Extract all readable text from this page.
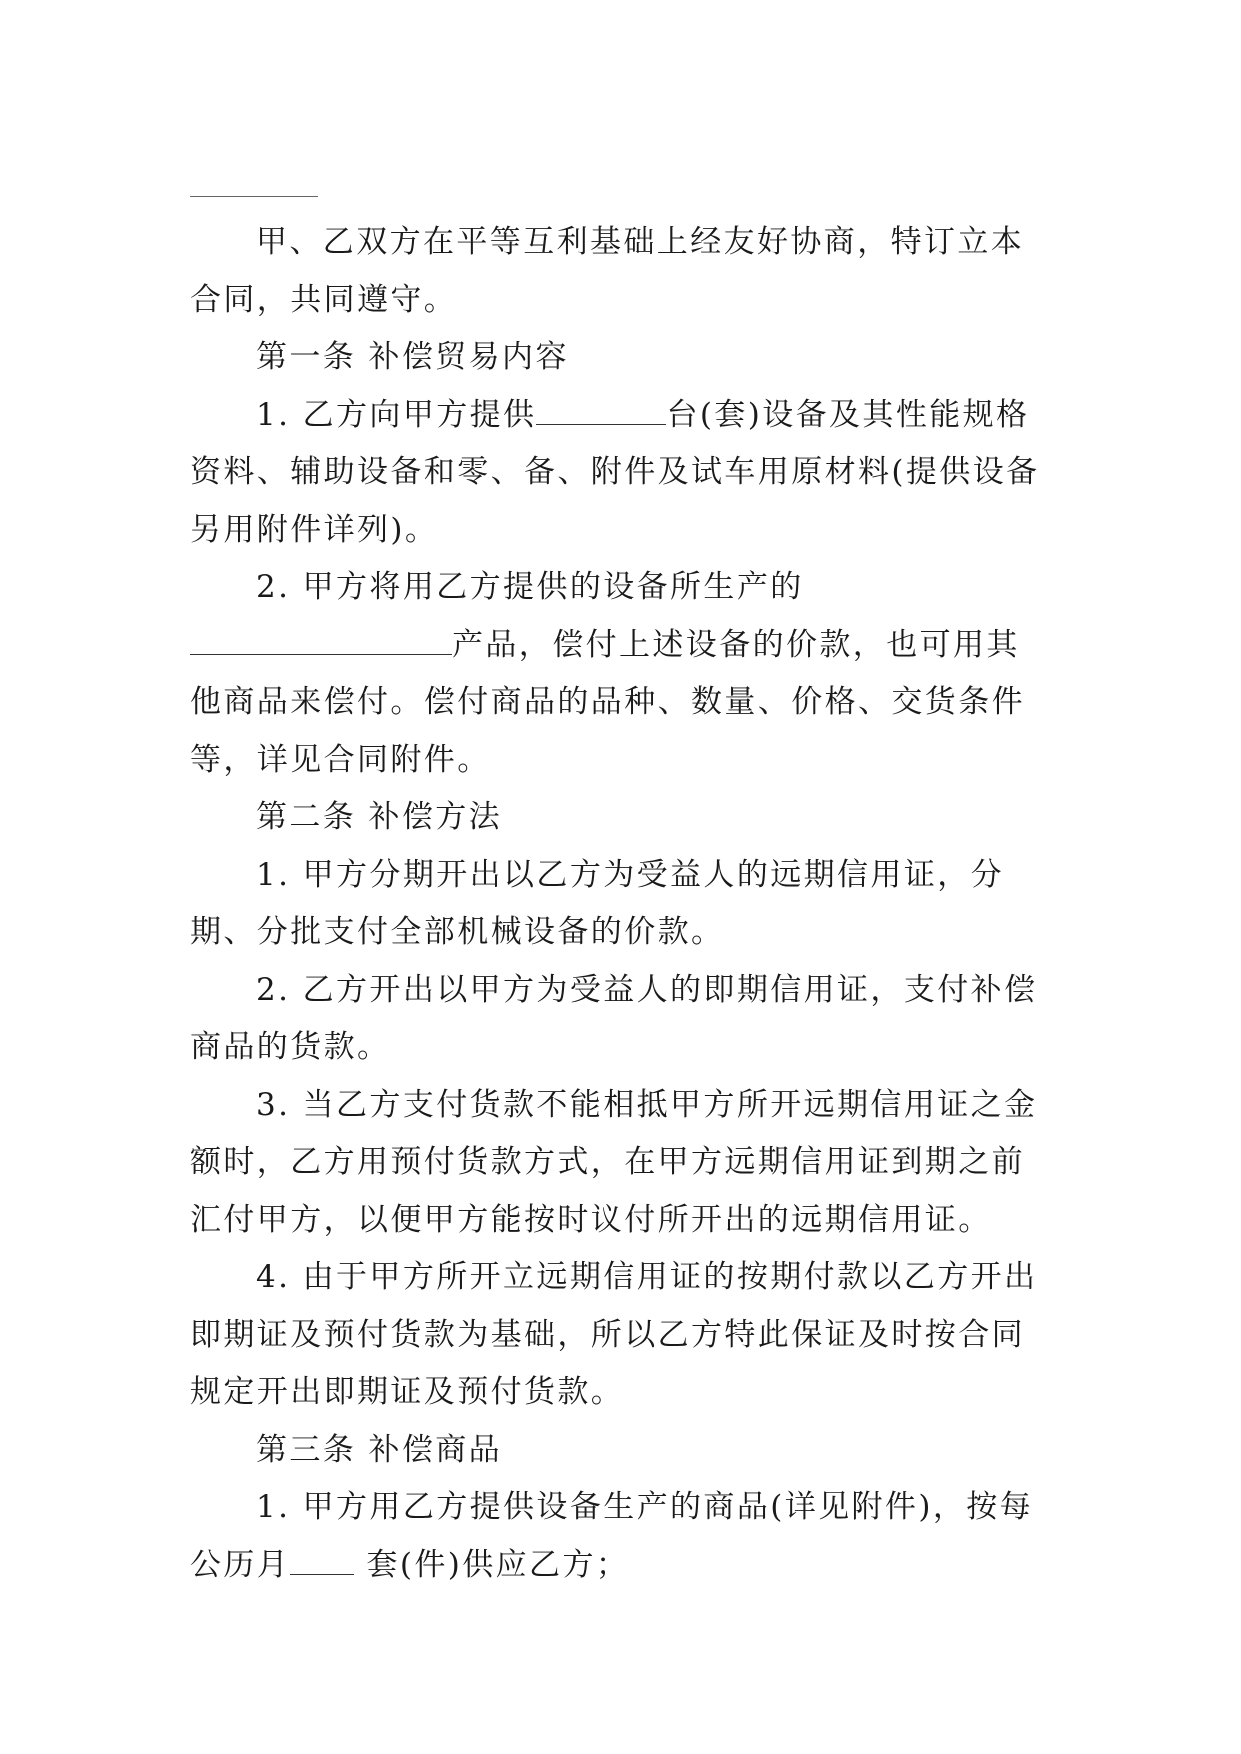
甲、乙双方在平等互利基础上经友好协商，特订立本合同，共同遵守。

第一条 补偿贸易内容

1. 乙方向甲方提供	台(套)设备及其性能规格资料、辅助设备和零、备、附件及试车用原材料(提供设备另用附件详列)。

2. 甲方将用乙方提供的设备所生产的产品，偿付上述设备的价款，也可用其他商品来偿付。偿付商品的品种、数量、价格、交货条件等，详见合同附件。

第二条 补偿方法

1. 甲方分期开出以乙方为受益人的远期信用证，分期、分批支付全部机械设备的价款。

2. 乙方开出以甲方为受益人的即期信用证，支付补偿商品的货款。

3. 当乙方支付货款不能相抵甲方所开远期信用证之金额时，乙方用预付货款方式，在甲方远期信用证到期之前汇付甲方，以便甲方能按时议付所开出的远期信用证。

4. 由于甲方所开立远期信用证的按期付款以乙方开出即期证及预付货款为基础，所以乙方特此保证及时按合同规定开出即期证及预付货款。

第三条 补偿商品

1. 甲方用乙方提供设备生产的商品(详见附件)，按每公历月 套(件)供应乙方；
